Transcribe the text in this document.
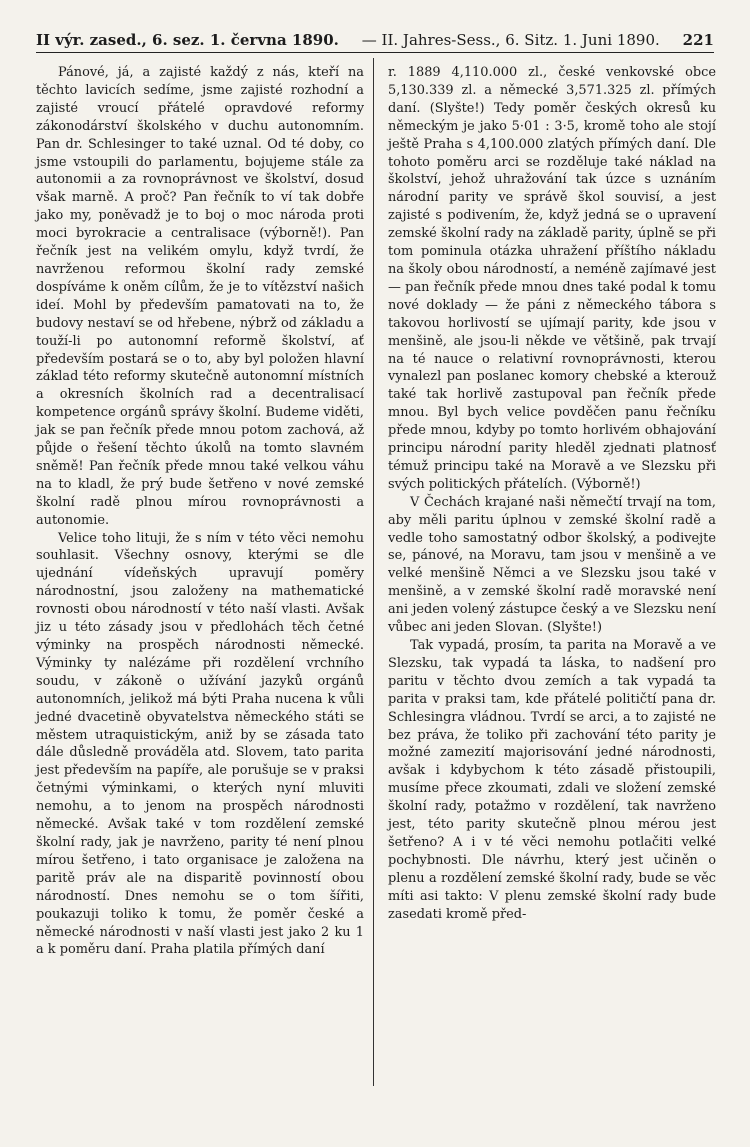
II výr. zased., 6. sez. 1. června 1890. — II. Jahres-Sess., 6. Sitz. 1. Juni 1890. 221

Pánové, já, a zajisté každý z nás, kteří na těchto lavicích sedíme, jsme zajisté rozhodní a zajisté vroucí přátelé opravdové reformy zákonodárství školského v duchu autonomním. Pan dr. Schlesinger to také uznal. Od té doby, co jsme vstoupili do parlamentu, bojujeme stále za autonomii a za rovnoprávnost ve školství, dosud však marně. A proč? Pan řečník to ví tak dobře jako my, poněvadž je to boj o moc národa proti moci byrokracie a centralisace (výborně!). Pan řečník jest na velikém omylu, když tvrdí, že navrženou reformou školní rady zemské dospíváme k oněm cílům, že je to vítězství našich ideí. Mohl by především pamatovati na to, že budovy nestaví se od hřebene, nýbrž od základu a touží-li po autonomní reformě školství, ať především postará se o to, aby byl položen hlavní základ této reformy skutečně autonomní místních a okresních školních rad a decentralisací kompetence orgánů správy školní. Budeme viděti, jak se pan řečník přede mnou potom zachová, až půjde o řešení těchto úkolů na tomto slavném sněmě! Pan řečník přede mnou také velkou váhu na to kladl, že prý bude šetřeno v nové zemské školní radě plnou mírou rovnoprávnosti a autonomie.

Velice toho lituji, že s ním v této věci nemohu souhlasit. Všechny osnovy, kterými se dle ujednání vídeňských upravují poměry národnostní, jsou založeny na mathematické rovnosti obou národností v této naší vlasti. Avšak jiz u této zásady jsou v předlohách těch četné výminky na prospěch národnosti německé. Výminky ty nalézáme při rozdělení vrchního soudu, v zákoně o užívání jazyků orgánů autonomních, jelikož má býti Praha nucena k vůli jedné dvacetině obyvatelstva německého státi se městem utraquistickým, aniž by se zásada tato dále důsledně prováděla atd. Slovem, tato parita jest především na papíře, ale porušuje se v praksi četnými výminkami, o kterých nyní mluviti nemohu, a to jenom na prospěch národnosti německé. Avšak také v tom rozdělení zemské školní rady, jak je navrženo, parity té není plnou mírou šetřeno, i tato organisace je založena na paritě práv ale na disparitě povinností obou národností. Dnes nemohu se o tom šířiti, poukazuji toliko k tomu, že poměr české a německé národnosti v naší vlasti jest jako 2 ku 1 a k poměru daní. Praha platila přímých daní

r. 1889 4,110.000 zl., české venkovské obce 5,130.339 zl. a německé 3,571.325 zl. přímých daní. (Slyšte!) Tedy poměr českých okresů ku německým je jako 5·01 : 3·5, kromě toho ale stojí ještě Praha s 4,100.000 zlatých přímých daní. Dle tohoto poměru arci se rozděluje také náklad na školství, jehož uhražování tak úzce s uznáním národní parity ve správě škol souvisí, a jest zajisté s podivením, že, když jedná se o upravení zemské školní rady na základě parity, úplně se při tom pominula otázka uhražení příštího nákladu na školy obou národností, a neméně zajímavé jest — pan řečník přede mnou dnes také podal k tomu nové doklady — že páni z německého tábora s takovou horlivostí se ujímají parity, kde jsou v menšině, ale jsou-li někde ve většině, pak trvají na té nauce o relativní rovnoprávnosti, kterou vynalezl pan poslanec komory chebské a kterouž také tak horlivě zastupoval pan řečník přede mnou. Byl bych velice povděčen panu řečníku přede mnou, kdyby po tomto horlivém obhajování principu národní parity hleděl zjednati platnosť témuž principu také na Moravě a ve Slezsku při svých politických přátelích. (Výborně!)

V Čechách krajané naši němečtí trvají na tom, aby měli paritu úplnou v zemské školní radě a vedle toho samostatný odbor školský, a podivejte se, pánové, na Moravu, tam jsou v menšině a ve velké menšině Němci a ve Slezsku jsou také v menšině, a v zemské školní radě moravské není ani jeden volený zástupce český a ve Slezsku není vůbec ani jeden Slovan. (Slyšte!)

Tak vypadá, prosím, ta parita na Moravě a ve Slezsku, tak vypadá ta láska, to nadšení pro paritu v těchto dvou zemích a tak vypadá ta parita v praksi tam, kde přátelé političtí pana dr. Schlesingra vládnou. Tvrdí se arci, a to zajisté ne bez práva, že toliko při zachování této parity je možné zamezití majorisování jedné národnosti, avšak i kdybychom k této zásadě přistoupili, musíme přece zkoumati, zdali ve složení zemské školní rady, potažmo v rozdělení, tak navrženo jest, této parity skutečně plnou mérou jest šetřeno? A i v té věci nemohu potlačiti velké pochybnosti. Dle návrhu, který jest učiněn o plenu a rozdělení zemské školní rady, bude se věc míti asi takto: V plenu zemské školní rady bude zasedati kromě před-
